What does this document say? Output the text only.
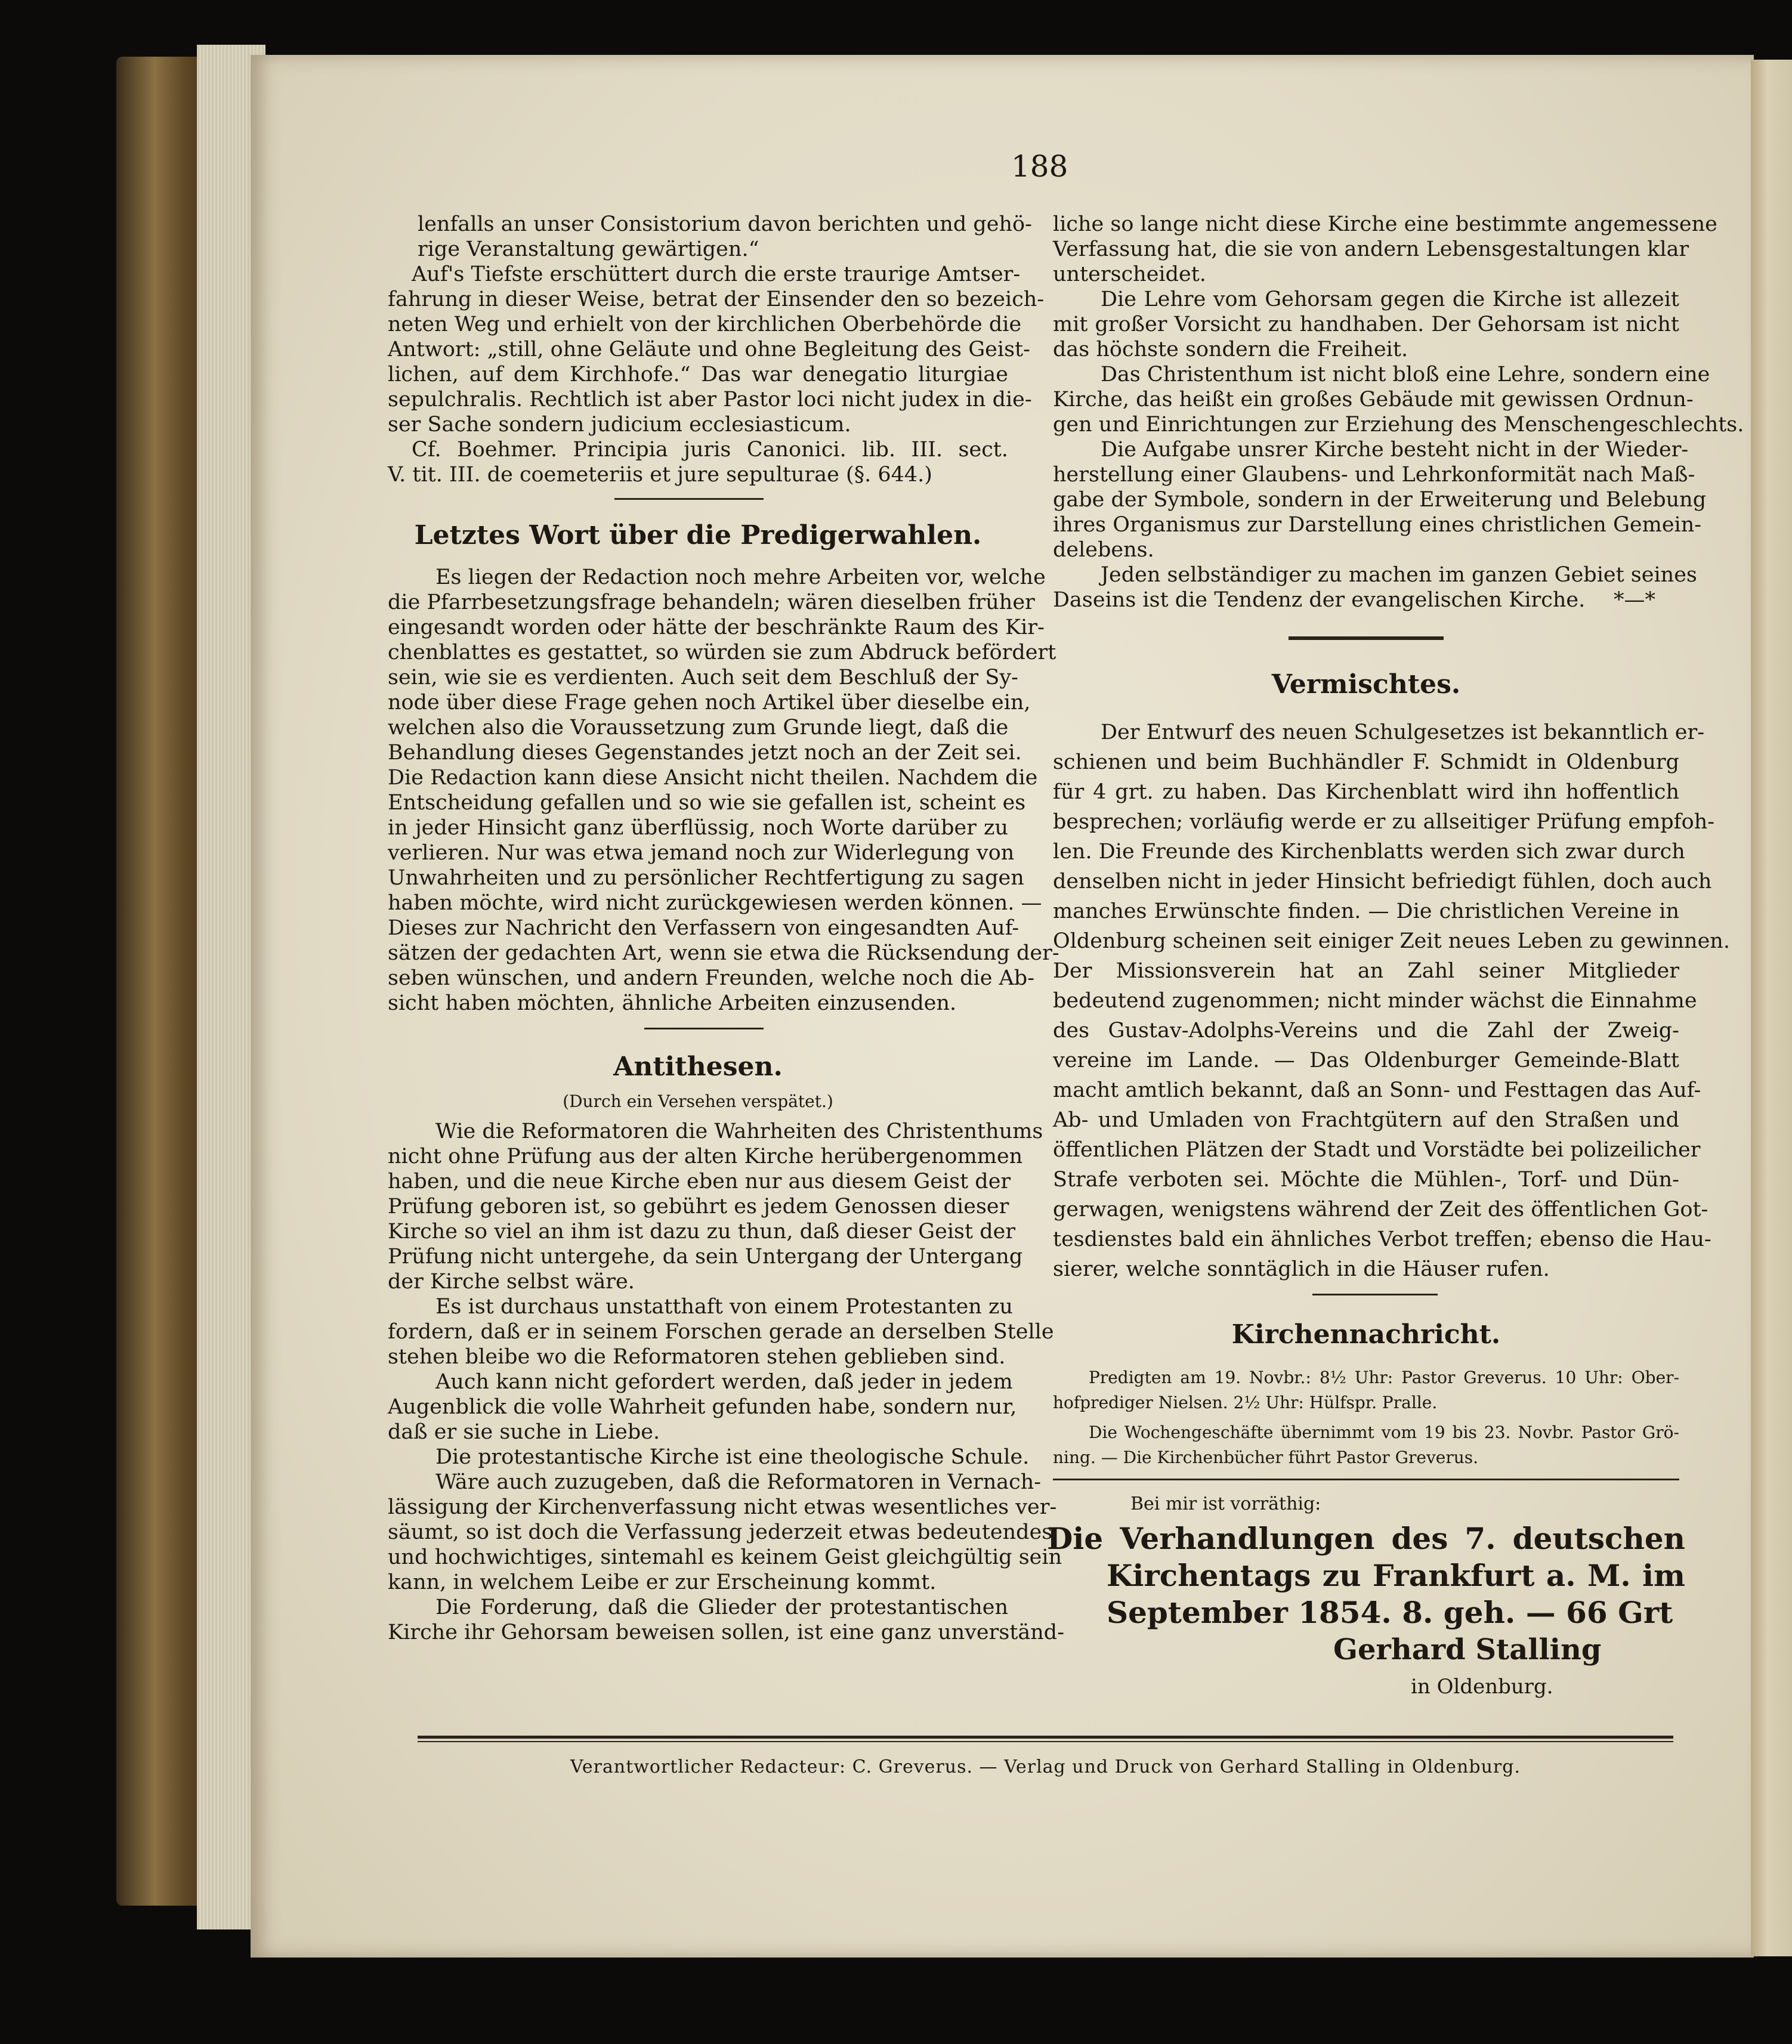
188
Verantwortlicher Redacteur: C. Greverus. — Verlag und Druck von Gerhard Stalling in Oldenburg.
lenfalls an unser Consistorium davon berichten und gehö-
rige Veranstaltung gewärtigen.“
Auf's Tiefste erschüttert durch die erste traurige Amtser-
fahrung in dieser Weise, betrat der Einsender den so bezeich-
neten Weg und erhielt von der kirchlichen Oberbehörde die
Antwort: „still, ohne Geläute und ohne Begleitung des Geist-
lichen, auf dem Kirchhofe.“ Das war denegatio liturgiae
sepulchralis. Rechtlich ist aber Pastor loci nicht judex in die-
ser Sache sondern judicium ecclesiasticum.
Cf. Boehmer. Principia juris Canonici. lib. III. sect.
V. tit. III. de coemeteriis et jure sepulturae (§. 644.)
Letztes Wort über die Predigerwahlen.
Es liegen der Redaction noch mehre Arbeiten vor, welche
die Pfarrbesetzungsfrage behandeln; wären dieselben früher
eingesandt worden oder hätte der beschränkte Raum des Kir-
chenblattes es gestattet, so würden sie zum Abdruck befördert
sein, wie sie es verdienten. Auch seit dem Beschluß der Sy-
node über diese Frage gehen noch Artikel über dieselbe ein,
welchen also die Voraussetzung zum Grunde liegt, daß die
Behandlung dieses Gegenstandes jetzt noch an der Zeit sei.
Die Redaction kann diese Ansicht nicht theilen. Nachdem die
Entscheidung gefallen und so wie sie gefallen ist, scheint es
in jeder Hinsicht ganz überflüssig, noch Worte darüber zu
verlieren. Nur was etwa jemand noch zur Widerlegung von
Unwahrheiten und zu persönlicher Rechtfertigung zu sagen
haben möchte, wird nicht zurückgewiesen werden können. —
Dieses zur Nachricht den Verfassern von eingesandten Auf-
sätzen der gedachten Art, wenn sie etwa die Rücksendung der-
seben wünschen, und andern Freunden, welche noch die Ab-
sicht haben möchten, ähnliche Arbeiten einzusenden.
Antithesen.
(Durch ein Versehen verspätet.)
Wie die Reformatoren die Wahrheiten des Christenthums
nicht ohne Prüfung aus der alten Kirche herübergenommen
haben, und die neue Kirche eben nur aus diesem Geist der
Prüfung geboren ist, so gebührt es jedem Genossen dieser
Kirche so viel an ihm ist dazu zu thun, daß dieser Geist der
Prüfung nicht untergehe, da sein Untergang der Untergang
der Kirche selbst wäre.
Es ist durchaus unstatthaft von einem Protestanten zu
fordern, daß er in seinem Forschen gerade an derselben Stelle
stehen bleibe wo die Reformatoren stehen geblieben sind.
Auch kann nicht gefordert werden, daß jeder in jedem
Augenblick die volle Wahrheit gefunden habe, sondern nur,
daß er sie suche in Liebe.
Die protestantische Kirche ist eine theologische Schule.
Wäre auch zuzugeben, daß die Reformatoren in Vernach-
lässigung der Kirchenverfassung nicht etwas wesentliches ver-
säumt, so ist doch die Verfassung jederzeit etwas bedeutendes
und hochwichtiges, sintemahl es keinem Geist gleichgültig sein
kann, in welchem Leibe er zur Erscheinung kommt.
Die Forderung, daß die Glieder der protestantischen
Kirche ihr Gehorsam beweisen sollen, ist eine ganz unverständ-
liche so lange nicht diese Kirche eine bestimmte angemessene
Verfassung hat, die sie von andern Lebensgestaltungen klar
unterscheidet.
Die Lehre vom Gehorsam gegen die Kirche ist allezeit
mit großer Vorsicht zu handhaben. Der Gehorsam ist nicht
das höchste sondern die Freiheit.
Das Christenthum ist nicht bloß eine Lehre, sondern eine
Kirche, das heißt ein großes Gebäude mit gewissen Ordnun-
gen und Einrichtungen zur Erziehung des Menschengeschlechts.
Die Aufgabe unsrer Kirche besteht nicht in der Wieder-
herstellung einer Glaubens- und Lehrkonformität nach Maß-
gabe der Symbole, sondern in der Erweiterung und Belebung
ihres Organismus zur Darstellung eines christlichen Gemein-
delebens.
Jeden selbständiger zu machen im ganzen Gebiet seines
Daseins ist die Tendenz der evangelischen Kirche.	*—*
Vermischtes.
Der Entwurf des neuen Schulgesetzes ist bekanntlich er-
schienen und beim Buchhändler F. Schmidt in Oldenburg
für 4 grt. zu haben. Das Kirchenblatt wird ihn hoffentlich
besprechen; vorläufig werde er zu allseitiger Prüfung empfoh-
len. Die Freunde des Kirchenblatts werden sich zwar durch
denselben nicht in jeder Hinsicht befriedigt fühlen, doch auch
manches Erwünschte finden. — Die christlichen Vereine in
Oldenburg scheinen seit einiger Zeit neues Leben zu gewinnen.
Der Missionsverein hat an Zahl seiner Mitglieder
bedeutend zugenommen; nicht minder wächst die Einnahme
des Gustav-Adolphs-Vereins und die Zahl der Zweig-
vereine im Lande. — Das Oldenburger Gemeinde-Blatt
macht amtlich bekannt, daß an Sonn- und Festtagen das Auf-
Ab- und Umladen von Frachtgütern auf den Straßen und
öffentlichen Plätzen der Stadt und Vorstädte bei polizeilicher
Strafe verboten sei. Möchte die Mühlen-, Torf- und Dün-
gerwagen, wenigstens während der Zeit des öffentlichen Got-
tesdienstes bald ein ähnliches Verbot treffen; ebenso die Hau-
sierer, welche sonntäglich in die Häuser rufen.
Kirchennachricht.
Predigten am 19. Novbr.: 8½ Uhr: Pastor Greverus. 10 Uhr: Ober-
hofprediger Nielsen. 2½ Uhr: Hülfspr. Pralle.
Die Wochengeschäfte übernimmt vom 19 bis 23. Novbr. Pastor Grö-
ning. — Die Kirchenbücher führt Pastor Greverus.
Bei mir ist vorräthig:
Die Verhandlungen des 7. deutschen
Kirchentags zu Frankfurt a. M. im
September 1854. 8. geh. — 66 Grt
Gerhard Stalling
in Oldenburg.
